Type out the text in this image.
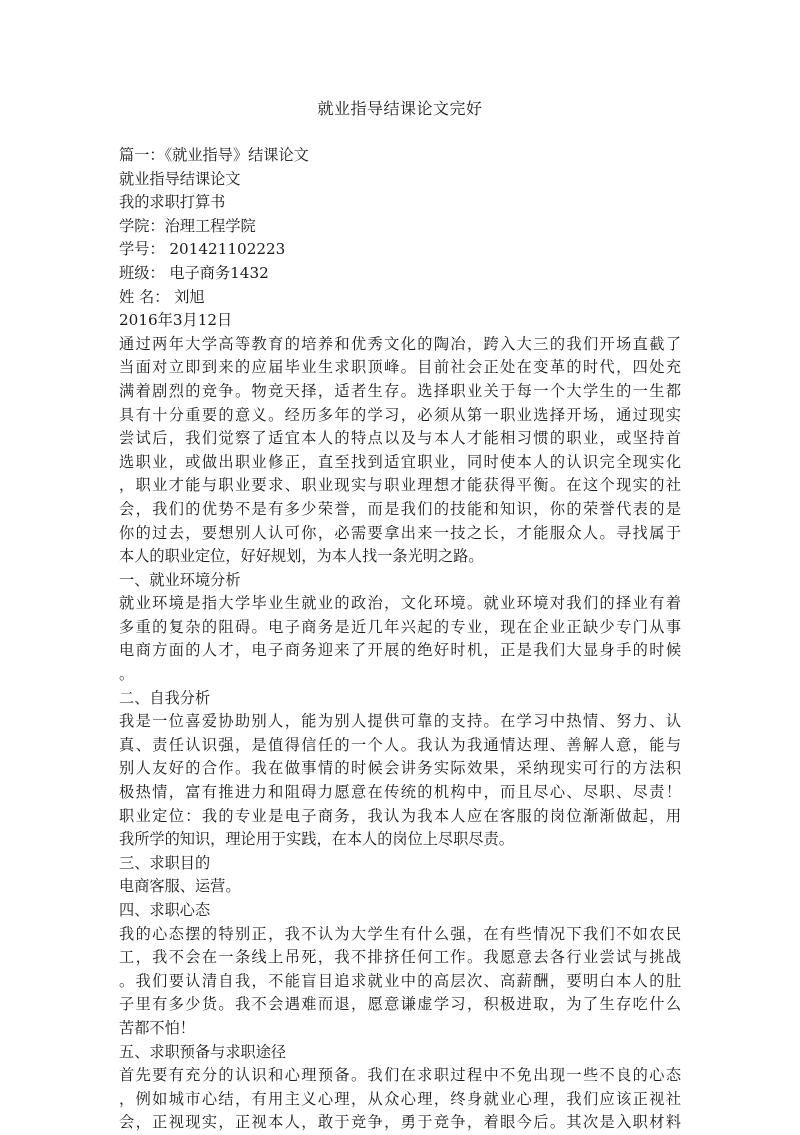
就业指导结课论文完好
篇一：《就业指导》结课论文
就业指导结课论文
我的求职打算书
学院：治理工程学院
学号： 201421102223
班级： 电子商务1432
姓 名： 刘旭
2016年3月12日
通过两年大学高等教育的培养和优秀文化的陶冶，跨入大三的我们开场直截了
当面对立即到来的应届毕业生求职顶峰。目前社会正处在变革的时代，四处充
满着剧烈的竞争。物竞天择，适者生存。选择职业关于每一个大学生的一生都
具有十分重要的意义。经历多年的学习，必须从第一职业选择开场，通过现实
尝试后，我们觉察了适宜本人的特点以及与本人才能相习惯的职业，或坚持首
选职业，或做出职业修正，直至找到适宜职业，同时使本人的认识完全现实化
，职业才能与职业要求、职业现实与职业理想才能获得平衡。在这个现实的社
会，我们的优势不是有多少荣誉，而是我们的技能和知识，你的荣誉代表的是
你的过去，要想别人认可你，必需要拿出来一技之长，才能服众人。寻找属于
本人的职业定位，好好规划，为本人找一条光明之路。
一、就业环境分析
就业环境是指大学毕业生就业的政治，文化环境。就业环境对我们的择业有着
多重的复杂的阻碍。电子商务是近几年兴起的专业，现在企业正缺少专门从事
电商方面的人才，电子商务迎来了开展的绝好时机，正是我们大显身手的时候
。
二、自我分析
我是一位喜爱协助别人，能为别人提供可靠的支持。在学习中热情、努力、认
真、责任认识强，是值得信任的一个人。我认为我通情达理、善解人意，能与
别人友好的合作。我在做事情的时候会讲务实际效果，采纳现实可行的方法积
极热情，富有推进力和阻碍力愿意在传统的机构中，而且尽心、尽职、尽责！
职业定位：我的专业是电子商务，我认为我本人应在客服的岗位渐渐做起，用
我所学的知识，理论用于实践，在本人的岗位上尽职尽责。
三、求职目的
电商客服、运营。
四、求职心态
我的心态摆的特别正，我不认为大学生有什么强，在有些情况下我们不如农民
工，我不会在一条线上吊死，我不排挤任何工作。我愿意去各行业尝试与挑战
。我们要认清自我，不能盲目追求就业中的高层次、高薪酬，要明白本人的肚
子里有多少货。我不会遇难而退，愿意谦虚学习，积极进取，为了生存吃什么
苦都不怕！
五、求职预备与求职途径
首先要有充分的认识和心理预备。我们在求职过程中不免出现一些不良的心态
，例如城市心结，有用主义心理，从众心理，终身就业心理，我们应该正视社
会，正视现实，正视本人，敢于竞争，勇于竞争，着眼今后。其次是入职材料
